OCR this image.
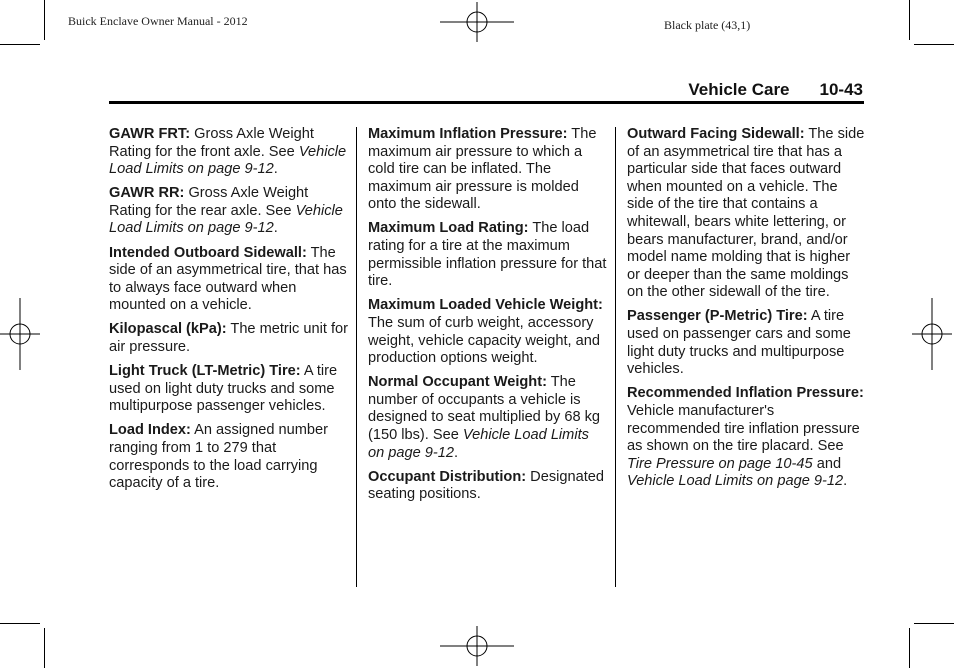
Buick Enclave Owner Manual - 2012	Black plate (43,1)
Vehicle Care 10-43

GAWR FRT: Gross Axle Weight Rating for the front axle. See Vehicle Load Limits on page 9-12.

GAWR RR: Gross Axle Weight Rating for the rear axle. See Vehicle Load Limits on page 9-12.

Intended Outboard Sidewall: The side of an asymmetrical tire, that has to always face outward when mounted on a vehicle.

Kilopascal (kPa): The metric unit for air pressure.

Light Truck (LT-Metric) Tire: A tire used on light duty trucks and some multipurpose passenger vehicles.

Load Index: An assigned number ranging from 1 to 279 that corresponds to the load carrying capacity of a tire.

Maximum Inflation Pressure: The maximum air pressure to which a cold tire can be inflated. The maximum air pressure is molded onto the sidewall.

Maximum Load Rating: The load rating for a tire at the maximum permissible inflation pressure for that tire.

Maximum Loaded Vehicle Weight: The sum of curb weight, accessory weight, vehicle capacity weight, and production options weight.

Normal Occupant Weight: The number of occupants a vehicle is designed to seat multiplied by 68 kg (150 lbs). See Vehicle Load Limits on page 9-12.

Occupant Distribution: Designated seating positions.

Outward Facing Sidewall: The side of an asymmetrical tire that has a particular side that faces outward when mounted on a vehicle. The side of the tire that contains a whitewall, bears white lettering, or bears manufacturer, brand, and/or model name molding that is higher or deeper than the same moldings on the other sidewall of the tire.

Passenger (P-Metric) Tire: A tire used on passenger cars and some light duty trucks and multipurpose vehicles.

Recommended Inflation Pressure: Vehicle manufacturer's recommended tire inflation pressure as shown on the tire placard. See Tire Pressure on page 10-45 and Vehicle Load Limits on page 9-12.
